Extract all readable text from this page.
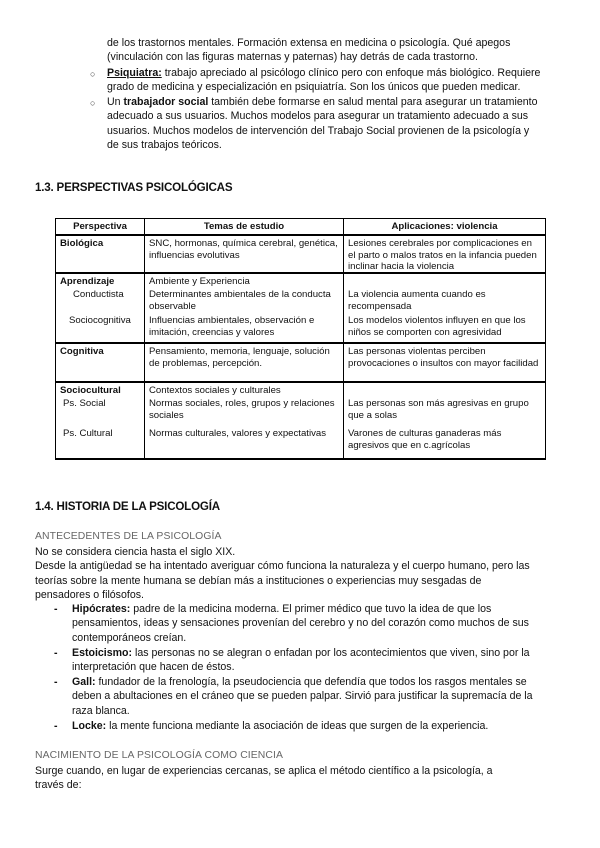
de los trastornos mentales. Formación extensa en medicina o psicología. Qué apegos
(vinculación con las figuras maternas y paternas) hay detrás de cada trastorno.
○ Psiquiatra: trabajo apreciado al psicólogo clínico pero con enfoque más biológico. Requiere
grado de medicina y especialización en psiquiatría. Son los únicos que pueden medicar.
○ Un trabajador social también debe formarse en salud mental para asegurar un tratamiento
adecuado a sus usuarios. Muchos modelos para asegurar un tratamiento adecuado a sus
usuarios. Muchos modelos de intervención del Trabajo Social provienen de la psicología y
de sus trabajos teóricos.
1.3. PERSPECTIVAS PSICOLÓGICAS
Perspectiva	Temas de estudio	Aplicaciones: violencia
Biológica	SNC, hormonas, química cerebral, genética, influencias evolutivas	Lesiones cerebrales por complicaciones en el parto o malos tratos en la infancia pueden inclinar hacia la violencia
Aprendizaje	Ambiente y Experiencia	
Conductista	Determinantes ambientales de la conducta observable	La violencia aumenta cuando es recompensada
Sociocognitiva	Influencias ambientales, observación e imitación, creencias y valores	Los modelos violentos influyen en que los niños se comporten con agresividad
Cognitiva	Pensamiento, memoria, lenguaje, solución de problemas, percepción.	Las personas violentas perciben provocaciones o insultos con mayor facilidad
Sociocultural	Contextos sociales y culturales	
Ps. Social	Normas sociales, roles, grupos y relaciones sociales	Las personas son más agresivas en grupo que a solas
Ps. Cultural	Normas culturales, valores y expectativas	Varones de culturas ganaderas más agresivos que en c.agrícolas
1.4. HISTORIA DE LA PSICOLOGÍA
ANTECEDENTES DE LA PSICOLOGÍA
No se considera ciencia hasta el siglo XIX.
Desde la antigüedad se ha intentado averiguar cómo funciona la naturaleza y el cuerpo humano, pero las
teorías sobre la mente humana se debían más a instituciones o experiencias muy sesgadas de
pensadores o filósofos.
- Hipócrates: padre de la medicina moderna. El primer médico que tuvo la idea de que los
pensamientos, ideas y sensaciones provenían del cerebro y no del corazón como muchos de sus
contemporáneos creían.
- Estoicismo: las personas no se alegran o enfadan por los acontecimientos que viven, sino por la
interpretación que hacen de éstos.
- Gall: fundador de la frenología, la pseudociencia que defendía que todos los rasgos mentales se
deben a abultaciones en el cráneo que se pueden palpar. Sirvió para justificar la supremacía de la
raza blanca.
- Locke: la mente funciona mediante la asociación de ideas que surgen de la experiencia.
NACIMIENTO DE LA PSICOLOGÍA COMO CIENCIA
Surge cuando, en lugar de experiencias cercanas, se aplica el método científico a la psicología, a
través de:
